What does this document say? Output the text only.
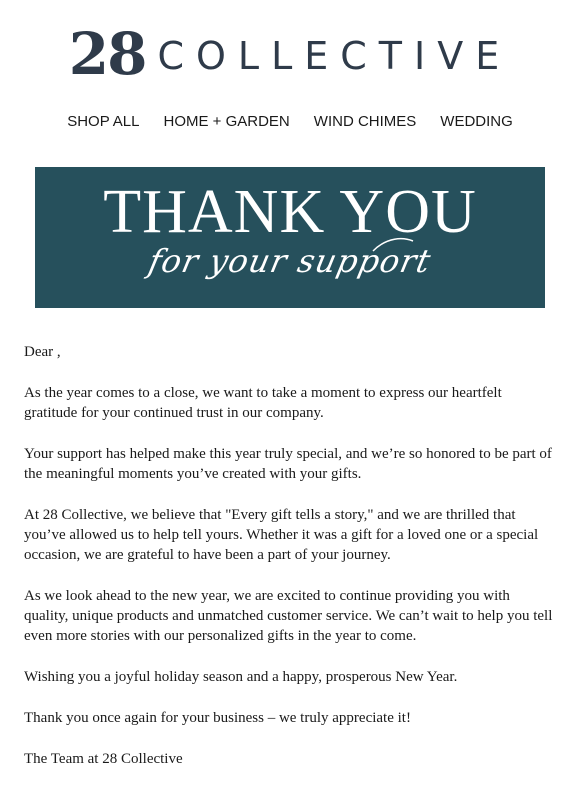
28 COLLECTIVE
SHOP ALL HOME + GARDEN WIND CHIMES WEDDING
THANK YOU
for your support

Dear ,

As the year comes to a close, we want to take a moment to express our heartfelt gratitude for your continued trust in our company.

Your support has helped make this year truly special, and we’re so honored to be part of the meaningful moments you’ve created with your gifts.

At 28 Collective, we believe that "Every gift tells a story," and we are thrilled that you’ve allowed us to help tell yours. Whether it was a gift for a loved one or a special occasion, we are grateful to have been a part of your journey.

As we look ahead to the new year, we are excited to continue providing you with quality, unique products and unmatched customer service. We can’t wait to help you tell even more stories with our personalized gifts in the year to come.

Wishing you a joyful holiday season and a happy, prosperous New Year.

Thank you once again for your business – we truly appreciate it!

The Team at 28 Collective
